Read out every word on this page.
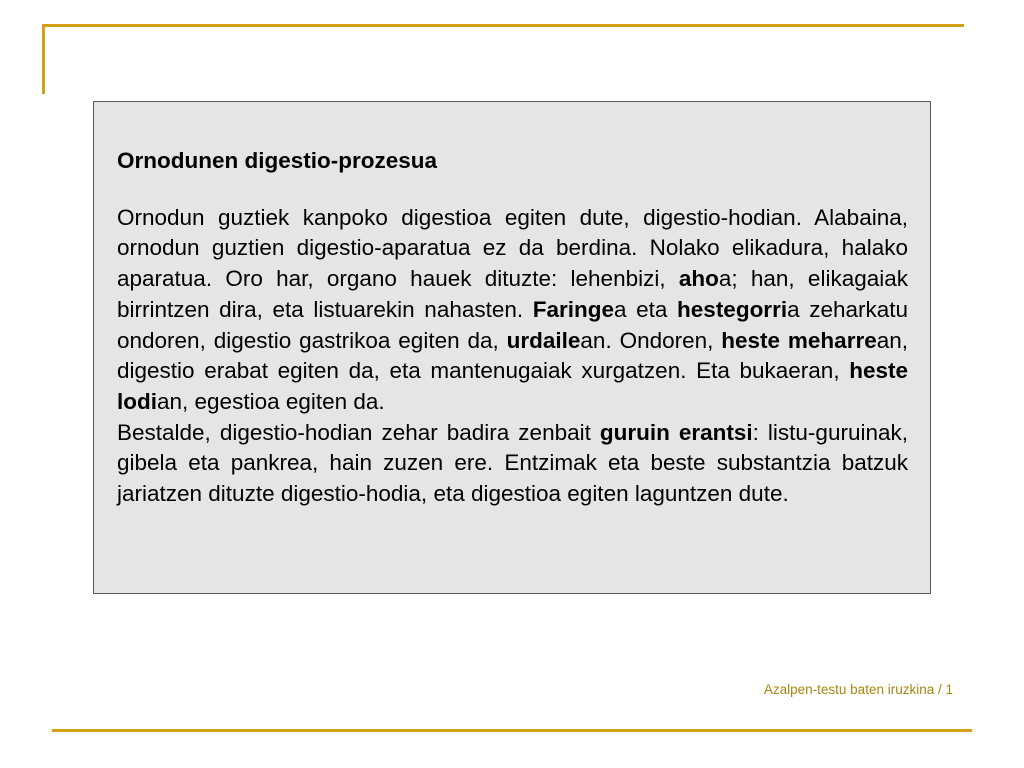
Ornodunen digestio-prozesua

Ornodun guztiek kanpoko digestioa egiten dute, digestio-hodian. Alabaina, ornodun guztien digestio-aparatua ez da berdina. Nolako elikadura, halako aparatua. Oro har, organo hauek dituzte: lehenbizi, ahoa; han, elikagaiak birrintzen dira, eta listuarekin nahasten. Faringea eta hestegorria zeharkatu ondoren, digestio gastrikoa egiten da, urdailean. Ondoren, heste meharrean, digestio erabat egiten da, eta mantenugaiak xurgatzen. Eta bukaeran, heste lodian, egestioa egiten da.

Bestalde, digestio-hodian zehar badira zenbait guruin erantsi: listu-guruinak, gibela eta pankrea, hain zuzen ere. Entzimak eta beste substantzia batzuk jariatzen dituzte digestio-hodia, eta digestioa egiten laguntzen dute.

Azalpen-testu baten iruzkina / 1
